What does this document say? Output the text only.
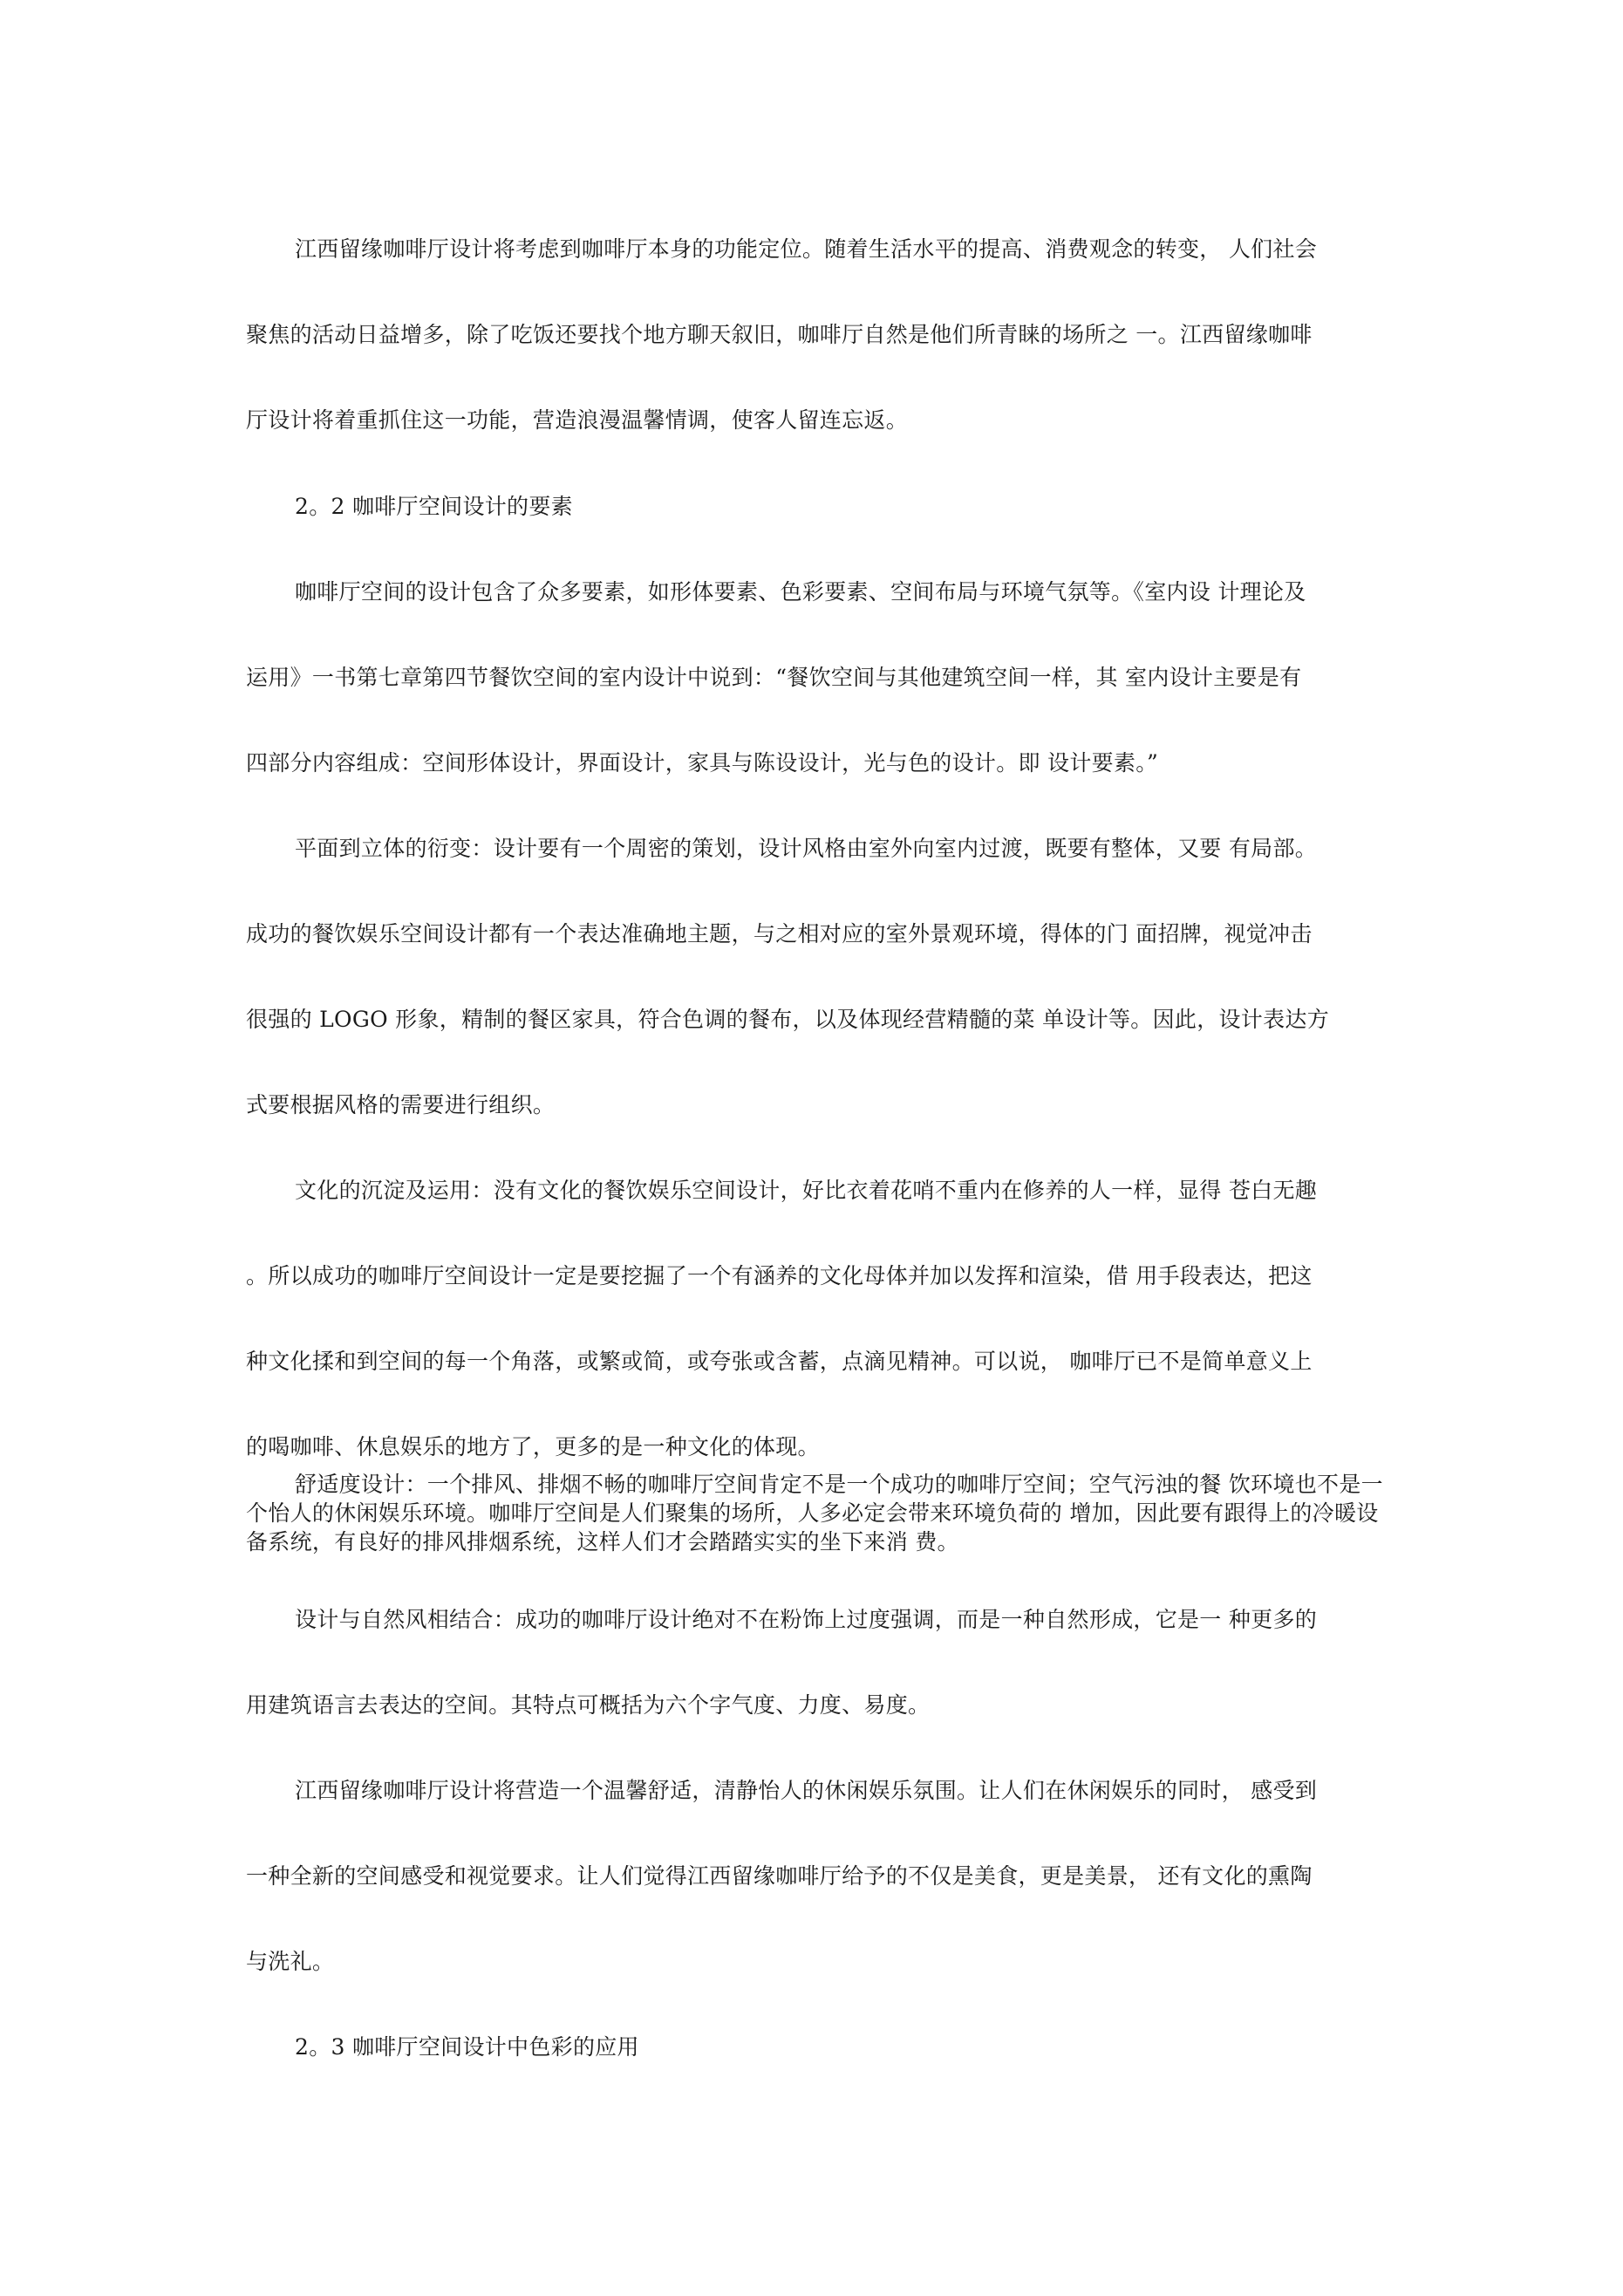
江西留缘咖啡厅设计将考虑到咖啡厅本身的功能定位。随着生活水平的提高、消费观念的转变， 人们社会
聚焦的活动日益增多，除了吃饭还要找个地方聊天叙旧，咖啡厅自然是他们所青睐的场所之 一。江西留缘咖啡
厅设计将着重抓住这一功能，营造浪漫温馨情调，使客人留连忘返。
2。2 咖啡厅空间设计的要素
咖啡厅空间的设计包含了众多要素，如形体要素、色彩要素、空间布局与环境气氛等。《室内设 计理论及
运用》一书第七章第四节餐饮空间的室内设计中说到：“餐饮空间与其他建筑空间一样，其 室内设计主要是有
四部分内容组成：空间形体设计，界面设计，家具与陈设设计，光与色的设计。即 设计要素。”
平面到立体的衍变：设计要有一个周密的策划，设计风格由室外向室内过渡，既要有整体，又要 有局部。
成功的餐饮娱乐空间设计都有一个表达准确地主题，与之相对应的室外景观环境，得体的门 面招牌，视觉冲击
很强的 LOGO 形象，精制的餐区家具，符合色调的餐布，以及体现经营精髓的菜 单设计等。因此，设计表达方
式要根据风格的需要进行组织。
文化的沉淀及运用：没有文化的餐饮娱乐空间设计，好比衣着花哨不重内在修养的人一样，显得 苍白无趣
。所以成功的咖啡厅空间设计一定是要挖掘了一个有涵养的文化母体并加以发挥和渲染，借 用手段表达，把这
种文化揉和到空间的每一个角落，或繁或简，或夸张或含蓄，点滴见精神。可以说， 咖啡厅已不是简单意义上
的喝咖啡、休息娱乐的地方了，更多的是一种文化的体现。
舒适度设计：一个排风、排烟不畅的咖啡厅空间肯定不是一个成功的咖啡厅空间；空气污浊的餐 饮环境也不是一个怡人的休闲娱乐环境。咖啡厅空间是人们聚集的场所，人多必定会带来环境负荷的 增加，因此要有跟得上的冷暖设备系统，有良好的排风排烟系统，这样人们才会踏踏实实的坐下来消 费。
设计与自然风相结合：成功的咖啡厅设计绝对不在粉饰上过度强调，而是一种自然形成，它是一 种更多的
用建筑语言去表达的空间。其特点可概括为六个字气度、力度、易度。
江西留缘咖啡厅设计将营造一个温馨舒适，清静怡人的休闲娱乐氛围。让人们在休闲娱乐的同时， 感受到
一种全新的空间感受和视觉要求。让人们觉得江西留缘咖啡厅给予的不仅是美食，更是美景， 还有文化的熏陶
与洗礼。
2。3 咖啡厅空间设计中色彩的应用
